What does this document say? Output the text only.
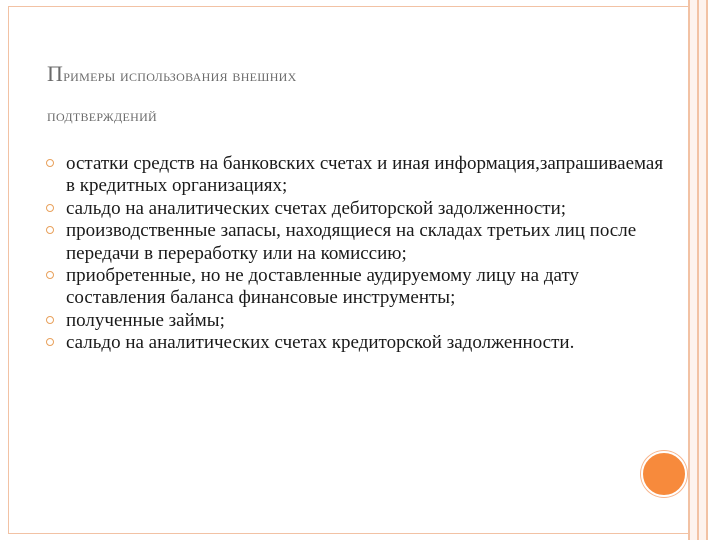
Примеры использования внешних
подтверждений
остатки средств на банковских счетах и иная информация,запрашиваемая в кредитных организациях;
сальдо на аналитических счетах дебиторской задолженности;
производственные запасы, находящиеся на складах третьих лиц после передачи в переработку или на комиссию;
приобретенные, но не доставленные аудируемому лицу на дату составления баланса финансовые инструменты;
полученные займы;
сальдо на аналитических счетах кредиторской задолженности.
